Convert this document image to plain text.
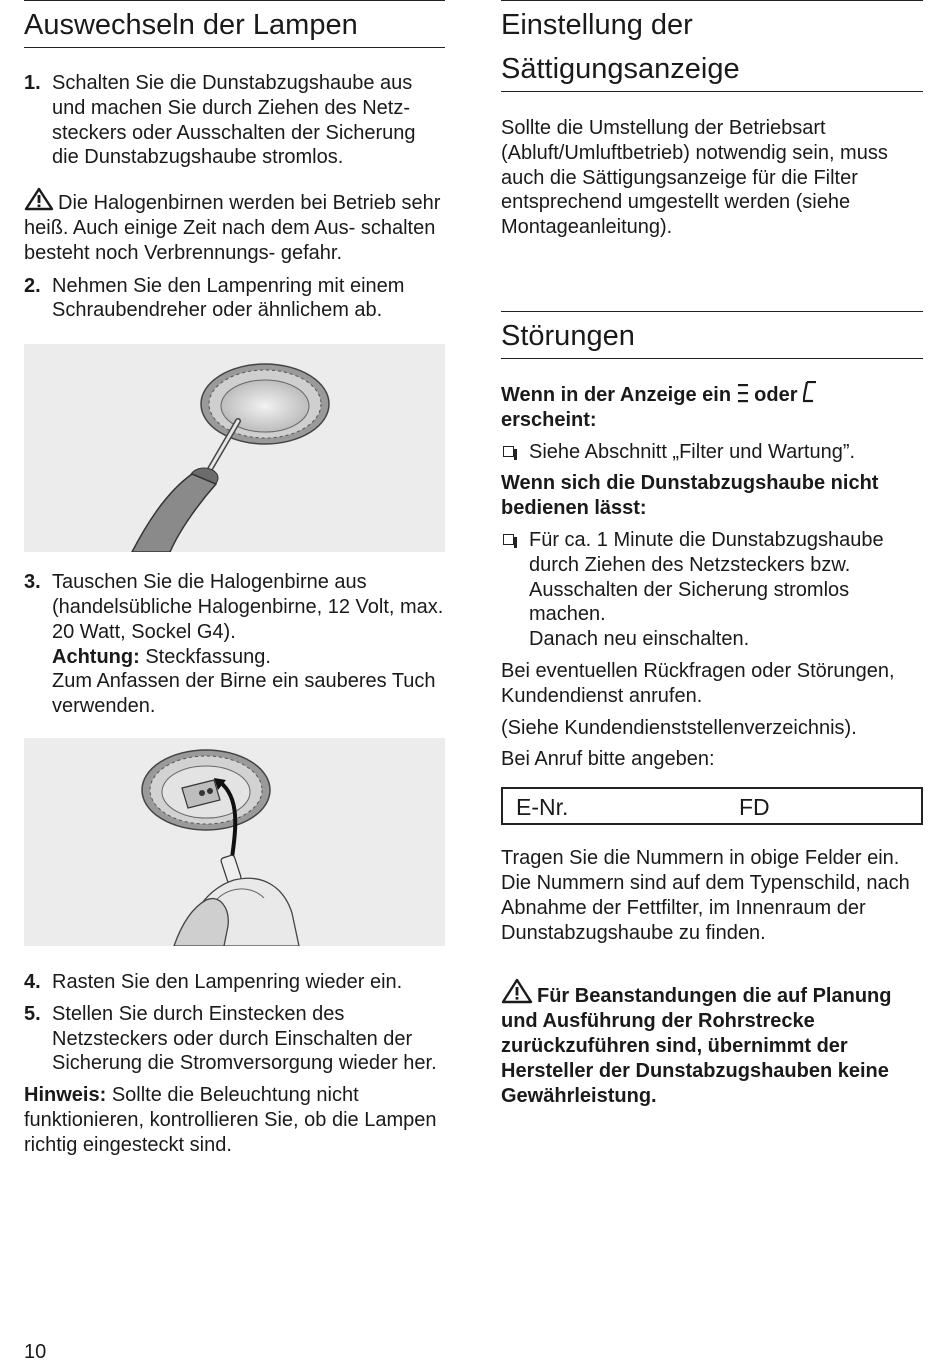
Auswechseln der Lampen
1. Schalten Sie die Dunstabzugshaube aus und machen Sie durch Ziehen des Netz- steckers oder Ausschalten der Sicherung die Dunstabzugshaube stromlos.

Die Halogenbirnen werden bei Betrieb sehr heiß. Auch einige Zeit nach dem Aus- schalten besteht noch Verbrennungs- gefahr.

2. Nehmen Sie den Lampenring mit einem Schraubendreher oder ähnlichem ab.
3. Tauschen Sie die Halogenbirne aus (handelsübliche Halogenbirne, 12 Volt, max. 20 Watt, Sockel G4).
Achtung: Steckfassung.
Zum Anfassen der Birne ein sauberes Tuch verwenden.
4. Rasten Sie den Lampenring wieder ein.
5. Stellen Sie durch Einstecken des Netzsteckers oder durch Einschalten der Sicherung die Stromversorgung wieder her.

Hinweis: Sollte die Beleuchtung nicht funktionieren, kontrollieren Sie, ob die Lampen richtig eingesteckt sind.

Einstellung der Sättigungsanzeige

Sollte die Umstellung der Betriebsart (Abluft/Umluftbetrieb) notwendig sein, muss auch die Sättigungsanzeige für die Filter entsprechend umgestellt werden (siehe Montageanleitung).

Störungen

Wenn in der Anzeige ein oder
erscheint:

Siehe Abschnitt „Filter und Wartung”.

Wenn sich die Dunstabzugshaube nicht bedienen lässt:

Für ca. 1 Minute die Dunstabzugshaube durch Ziehen des Netzsteckers bzw. Ausschalten der Sicherung stromlos machen.
Danach neu einschalten.

Bei eventuellen Rückfragen oder Störungen, Kundendienst anrufen.

(Siehe Kundendienststellenverzeichnis).

Bei Anruf bitte angeben:

E-Nr.	FD

Tragen Sie die Nummern in obige Felder ein. Die Nummern sind auf dem Typenschild, nach Abnahme der Fettfilter, im Innenraum der Dunstabzugshaube zu finden.

Für Beanstandungen die auf Planung und Ausführung der Rohrstrecke zurückzuführen sind, übernimmt der Hersteller der Dunstabzugshauben keine Gewährleistung.

10
